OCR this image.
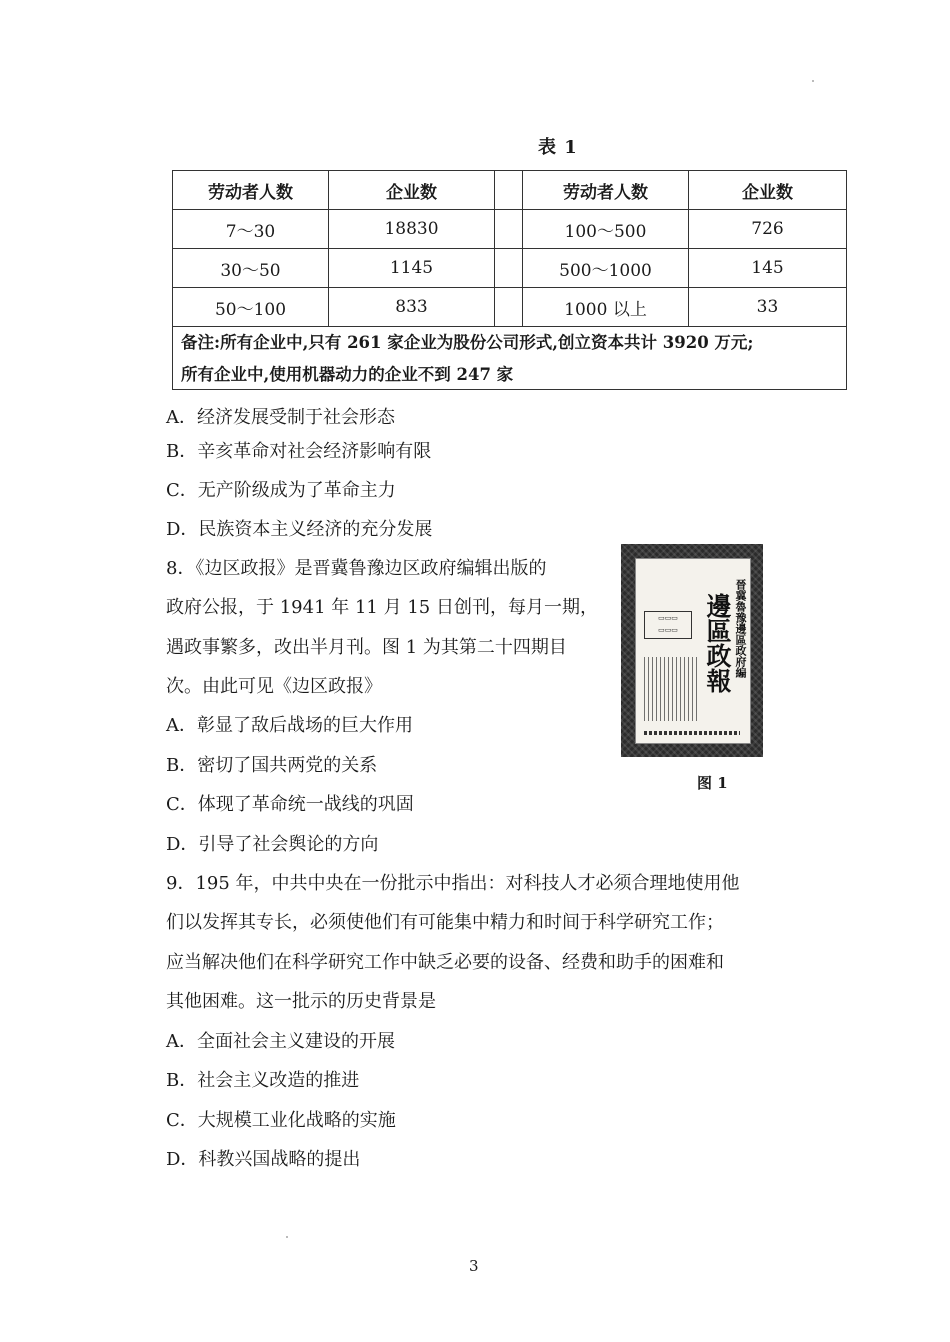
表 1
劳动者人数	企业数	劳动者人数	企业数
7～30	18830	100～500	726
30～50	1145	500～1000	145
50～100	833	1000 以上	33
备注:所有企业中,只有 261 家企业为股份公司形式,创立资本共计 3920 万元;
所有企业中,使用机器动力的企业不到 247 家
A．经济发展受制于社会形态
B．辛亥革命对社会经济影响有限
C．无产阶级成为了革命主力
D．民族资本主义经济的充分发展
8．《边区政报》是晋冀鲁豫边区政府编辑出版的
政府公报，于 1941 年 11 月 15 日创刊，每月一期，
遇政事繁多，改出半月刊。图 1 为其第二十四期目
次。由此可见《边区政报》
A．彰显了敌后战场的巨大作用
B．密切了国共两党的关系
C．体现了革命统一战线的巩固
D．引导了社会舆论的方向
▭▭▭
▭▭▭	邊區政報 晉冀魯豫邊區政府編
图 1
9．195 年，中共中央在一份批示中指出：对科技人才必须合理地使用他
们以发挥其专长，必须使他们有可能集中精力和时间于科学研究工作；
应当解决他们在科学研究工作中缺乏必要的设备、经费和助手的困难和
其他困难。这一批示的历史背景是
A．全面社会主义建设的开展
B．社会主义改造的推进
C．大规模工业化战略的实施
D．科教兴国战略的提出
3
